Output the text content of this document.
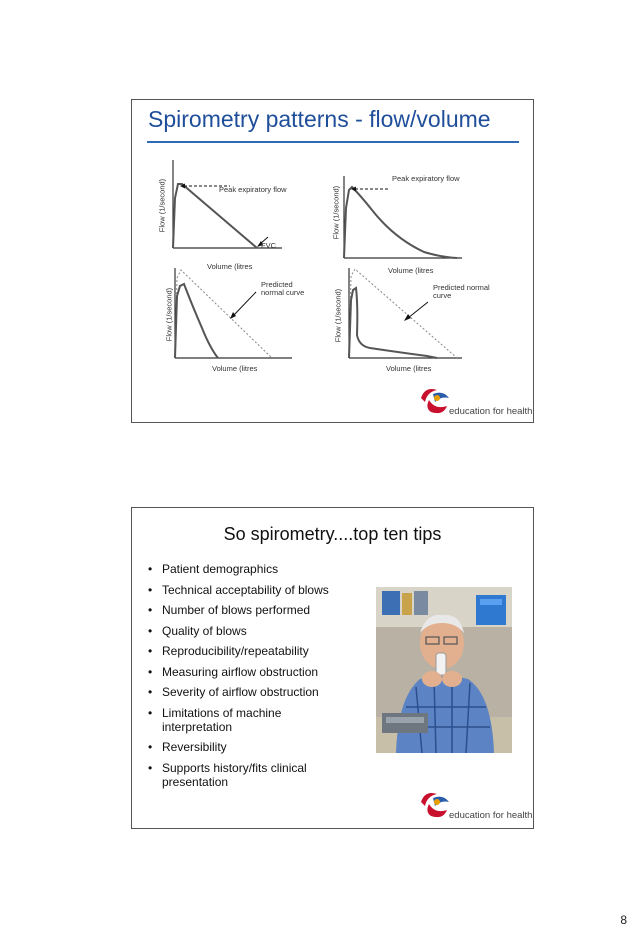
Spirometry patterns - flow/volume
Flow (1/second)
Volume (litres
Peak expiratory flow
FVC
Flow (1/second)
Volume (litres
Peak expiratory flow
Flow (1/second)
Volume (litres
Predicted normal curve	Flow (1/second)
Volume (litres
Predicted normal curve
education for health
So spirometry....top ten tips
• Patient demographics
• Technical acceptability of blows
• Number of blows performed
• Quality of blows
• Reproducibility/repeatability
• Measuring airflow obstruction
• Severity of airflow obstruction
• Limitations of machine interpretation
• Reversibility
• Supports history/fits clinical presentation
education for health
8
